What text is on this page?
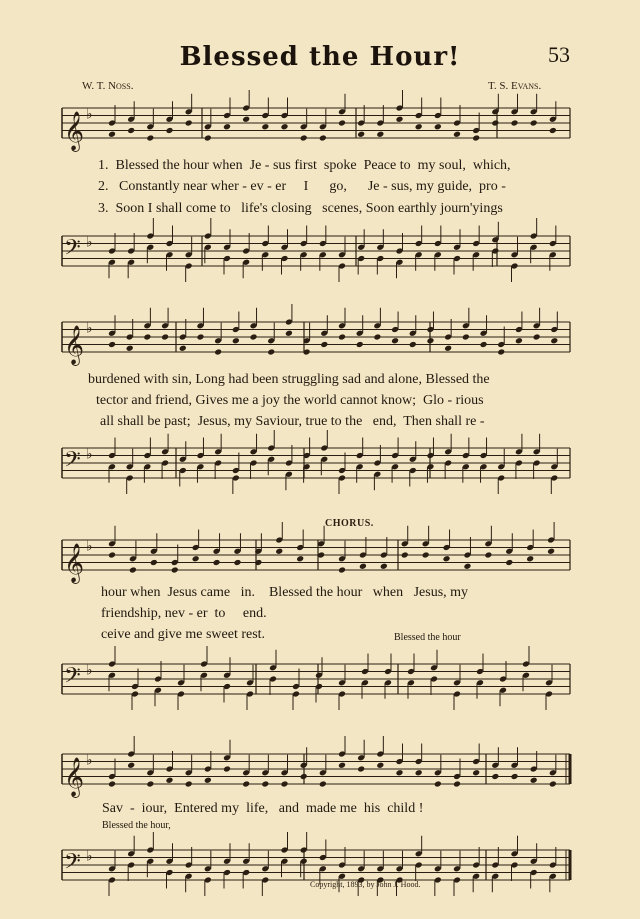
Blessed the Hour!	53
W. T. Noss.	T. S. Evans.
𝄞 ♭
1.  Blessed the hour when  Je - sus first  spoke  Peace to  my soul,  which,
2.   Constantly near wher - ev - er     I      go,      Je - sus, my guide,  pro -
3.  Soon I shall come to   life's closing   scenes, Soon earthly journ'yings
𝄢 ♭
𝄞 ♭
burdened with sin, Long had been struggling sad and alone, Blessed the
tector and friend, Gives me a joy the world cannot know;  Glo - rious
all shall be past;  Jesus, my Saviour, true to the   end,  Then shall re -
𝄢 ♭
CHORUS.
𝄞 ♭
hour when  Jesus came   in.    Blessed the hour   when   Jesus, my
friendship, nev - er  to     end.
ceive and give me sweet rest.	Blessed the hour
𝄢 ♭
𝄞 ♭
Sav  -  iour,  Entered my  life,   and  made me  his  child !
Blessed the hour,
𝄢 ♭
Copyright, 1893, by John J. Hood.
